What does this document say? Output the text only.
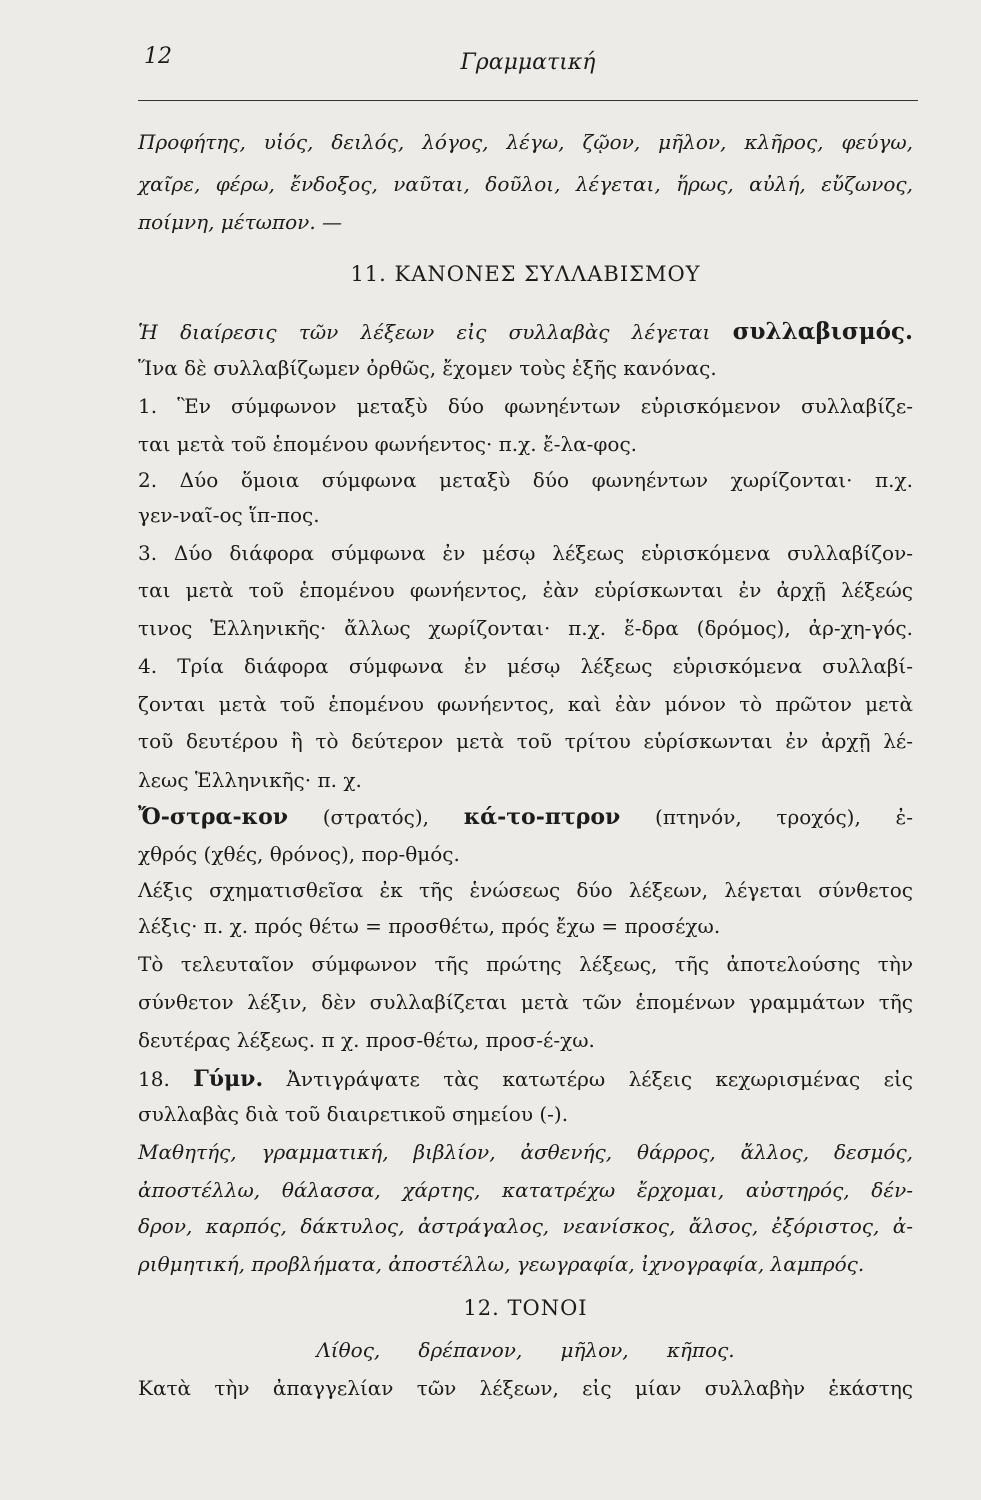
12	Γραμματική
Προφήτης, υἱός, δειλός, λόγος, λέγω, ζῷον, μῆλον, κλῆρος, φεύγω,
χαῖρε, φέρω, ἔνδοξος, ναῦται, δοῦλοι, λέγεται, ἥρως, αὐλή, εὔζωνος,
ποίμνη, μέτωπον. —
11. ΚΑΝΟΝΕΣ ΣΥΛΛΑΒΙΣΜΟΥ
Ἡ διαίρεσις τῶν λέξεων εἰς συλλαβὰς λέγεται συλλαβισμός.
Ἵνα δὲ συλλαβίζωμεν ὀρθῶς, ἔχομεν τοὺς ἑξῆς κανόνας.
1. Ἓν σύμφωνον μεταξὺ δύο φωνηέντων εὑρισκόμενον συλλαβίζε-
ται μετὰ τοῦ ἑπομένου φωνήεντος· π.χ. ἔ-λα-φος.
2. Δύο ὅμοια σύμφωνα μεταξὺ δύο φωνηέντων χωρίζονται· π.χ.
γεν-ναῖ-ος ἵπ-πος.
3. Δύο διάφορα σύμφωνα ἐν μέσῳ λέξεως εὑρισκόμενα συλλαβίζον-
ται μετὰ τοῦ ἑπομένου φωνήεντος, ἐὰν εὑρίσκωνται ἐν ἀρχῇ λέξεώς
τινος Ἑλληνικῆς· ἄλλως χωρίζονται· π.χ. ἕ-δρα (δρόμος), ἀρ-χη-γός.
4. Τρία διάφορα σύμφωνα ἐν μέσῳ λέξεως εὑρισκόμενα συλλαβί-
ζονται μετὰ τοῦ ἑπομένου φωνήεντος, καὶ ἐὰν μόνον τὸ πρῶτον μετὰ
τοῦ δευτέρου ἢ τὸ δεύτερον μετὰ τοῦ τρίτου εὑρίσκωνται ἐν ἀρχῇ λέ-
λεως Ἑλληνικῆς· π. χ.
Ὄ-στρα-κον (στρατός), κά-το-πτρον (πτηνόν, τροχός), ἐ-
χθρός (χθές, θρόνος), πορ-θμός.
Λέξις σχηματισθεῖσα ἐκ τῆς ἑνώσεως δύο λέξεων, λέγεται σύνθετος
λέξις· π. χ. πρός θέτω = προσθέτω, πρός ἔχω = προσέχω.
Τὸ τελευταῖον σύμφωνον τῆς πρώτης λέξεως, τῆς ἀποτελούσης τὴν
σύνθετον λέξιν, δὲν συλλαβίζεται μετὰ τῶν ἑπομένων γραμμάτων τῆς
δευτέρας λέξεως. π χ. προσ-θέτω, προσ-έ-χω.
18. Γύμν. Ἀντιγράψατε τὰς κατωτέρω λέξεις κεχωρισμένας εἰς
συλλαβὰς διὰ τοῦ διαιρετικοῦ σημείου (-).
Μαθητής, γραμματική, βιβλίον, ἀσθενής, θάρρος, ἄλλος, δεσμός,
ἀποστέλλω, θάλασσα, χάρτης, κατατρέχω ἔρχομαι, αὐστηρός, δέν-
δρον, καρπός, δάκτυλος, ἀστράγαλος, νεανίσκος, ἄλσος, ἐξόριστος, ἀ-
ριθμητική, προβλήματα, ἀποστέλλω, γεωγραφία, ἰχνογραφία, λαμπρός.
12. ΤΟΝΟΙ
Λίθος,      δρέπανον,      μῆλον,      κῆπος.
Κατὰ τὴν ἀπαγγελίαν τῶν λέξεων, εἰς μίαν συλλαβὴν ἑκάστης
